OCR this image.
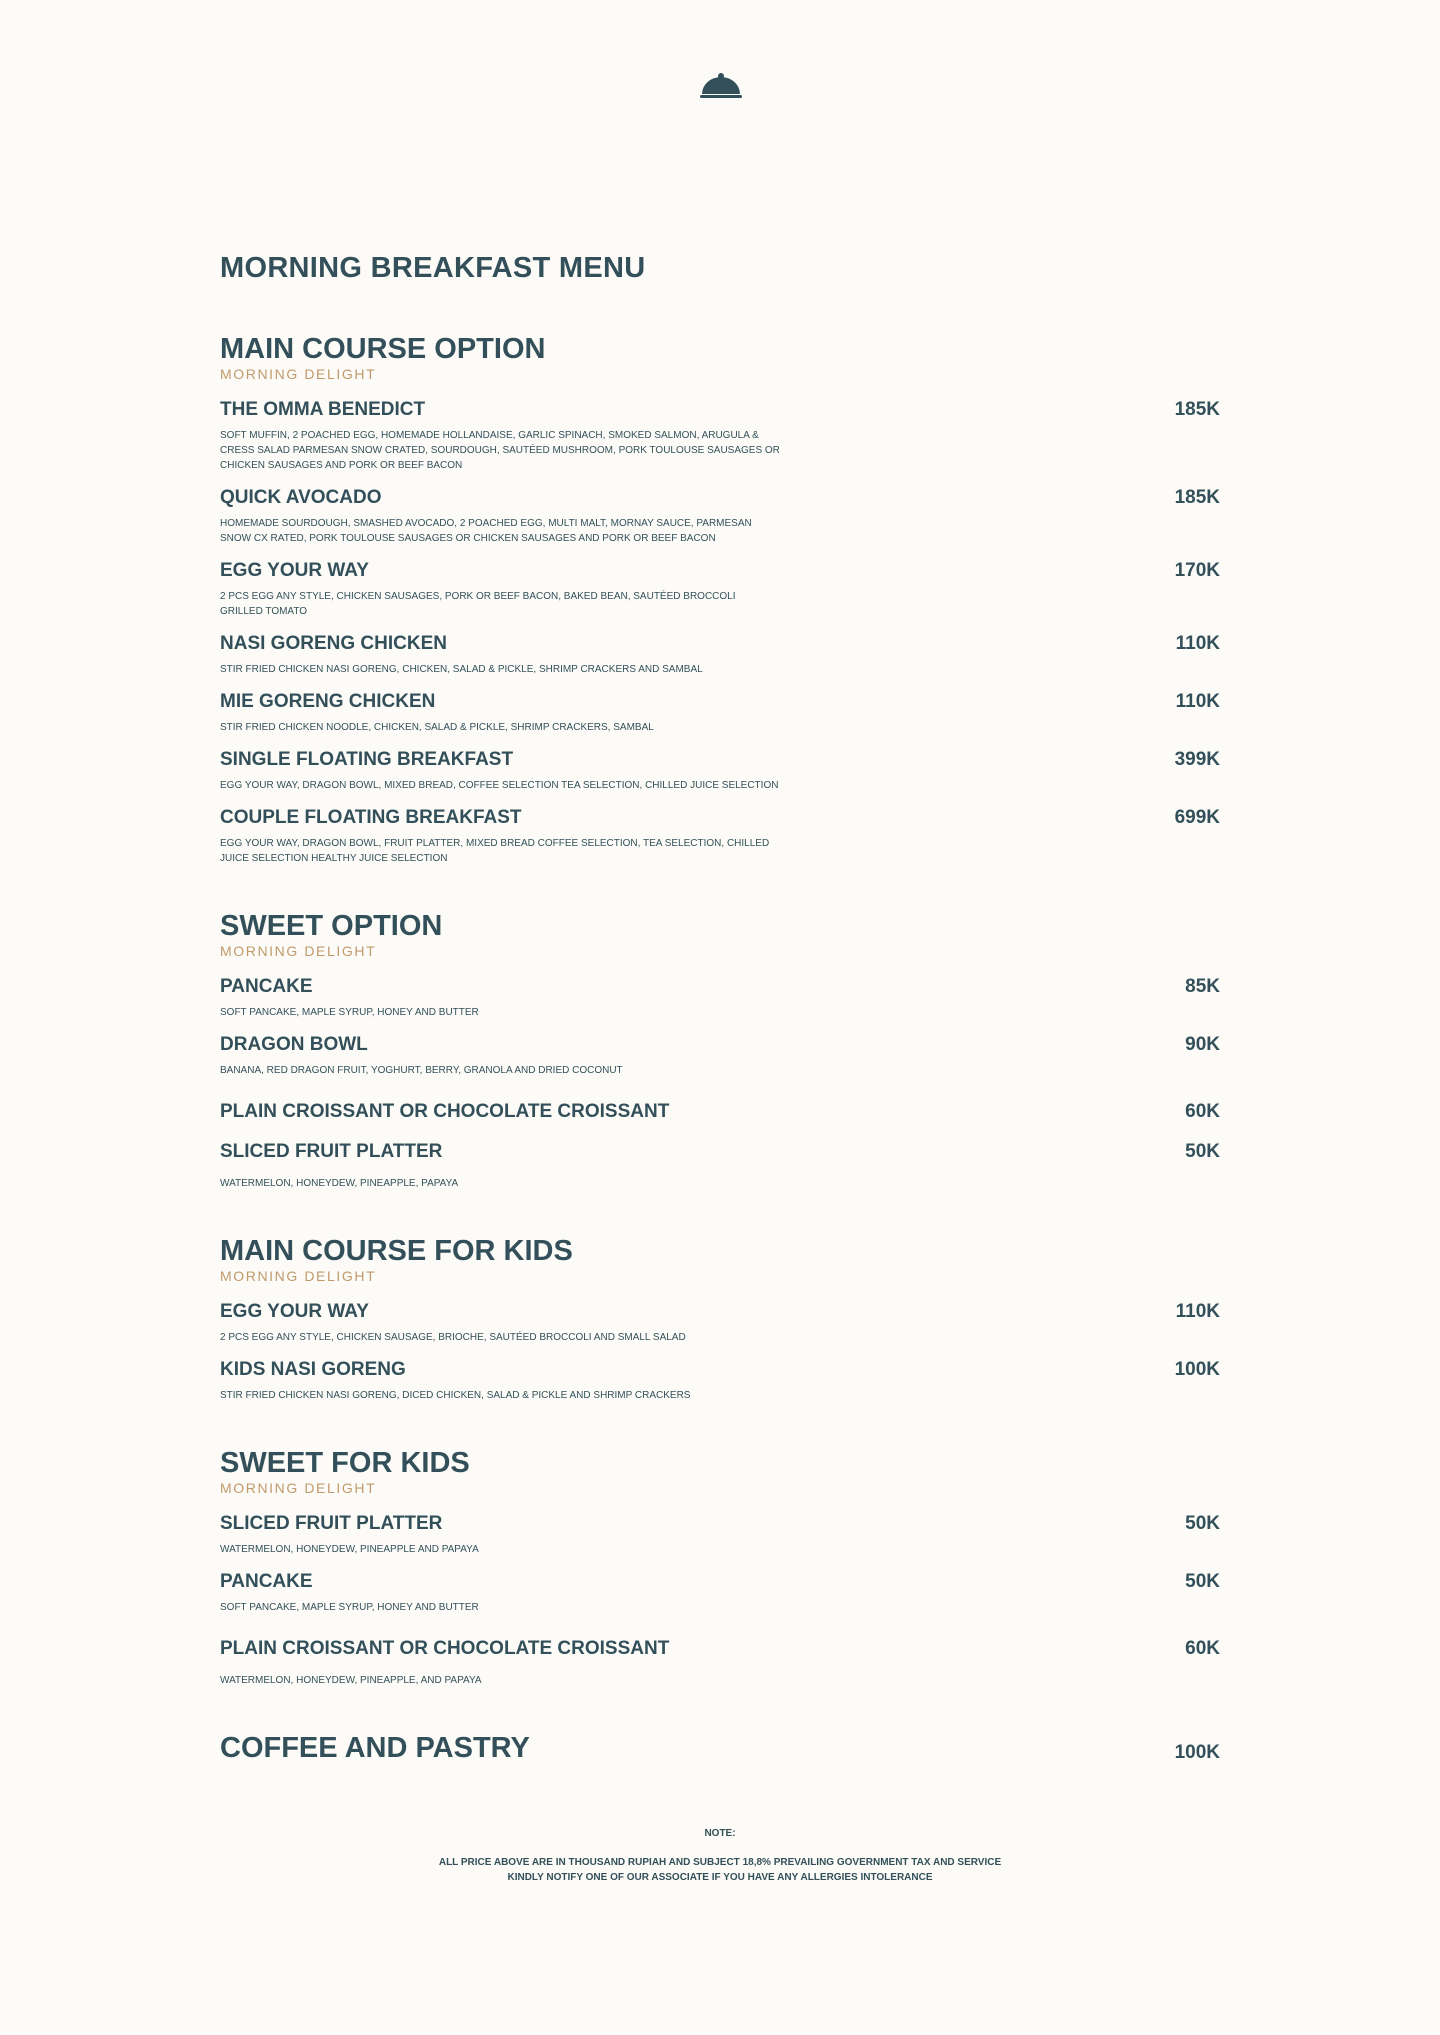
MORNING BREAKFAST MENU
MAIN COURSE OPTION
MORNING DELIGHT
THE OMMA BENEDICT	185K
SOFT MUFFIN, 2 POACHED EGG, HOMEMADE HOLLANDAISE, GARLIC SPINACH, SMOKED SALMON, ARUGULA & CRESS SALAD PARMESAN SNOW CRATED, SOURDOUGH, SAUTÉED MUSHROOM, PORK TOULOUSE SAUSAGES OR CHICKEN SAUSAGES AND PORK OR BEEF BACON
QUICK AVOCADO	185K
HOMEMADE SOURDOUGH, SMASHED AVOCADO, 2 POACHED EGG, MULTI MALT, MORNAY SAUCE, PARMESAN SNOW CX RATED, PORK TOULOUSE SAUSAGES OR CHICKEN SAUSAGES AND PORK OR BEEF BACON
EGG YOUR WAY	170K
2 PCS EGG ANY STYLE, CHICKEN SAUSAGES, PORK OR BEEF BACON, BAKED BEAN, SAUTÉED BROCCOLI GRILLED TOMATO
NASI GORENG CHICKEN	110K
STIR FRIED CHICKEN NASI GORENG, CHICKEN, SALAD & PICKLE, SHRIMP CRACKERS AND SAMBAL
MIE GORENG CHICKEN	110K
STIR FRIED CHICKEN NOODLE, CHICKEN, SALAD & PICKLE, SHRIMP CRACKERS, SAMBAL
SINGLE FLOATING BREAKFAST	399K
EGG YOUR WAY, DRAGON BOWL, MIXED BREAD, COFFEE SELECTION TEA SELECTION, CHILLED JUICE SELECTION
COUPLE FLOATING BREAKFAST	699K
EGG YOUR WAY, DRAGON BOWL, FRUIT PLATTER, MIXED BREAD COFFEE SELECTION, TEA SELECTION, CHILLED JUICE SELECTION HEALTHY JUICE SELECTION
SWEET OPTION
MORNING DELIGHT
PANCAKE	85K
SOFT PANCAKE, MAPLE SYRUP, HONEY AND BUTTER
DRAGON BOWL	90K
BANANA, RED DRAGON FRUIT, YOGHURT, BERRY, GRANOLA AND DRIED COCONUT
PLAIN CROISSANT OR CHOCOLATE CROISSANT	60K
SLICED FRUIT PLATTER	50K
WATERMELON, HONEYDEW, PINEAPPLE, PAPAYA
MAIN COURSE FOR KIDS
MORNING DELIGHT
EGG YOUR WAY	110K
2 PCS EGG ANY STYLE, CHICKEN SAUSAGE, BRIOCHE, SAUTÉED BROCCOLI AND SMALL SALAD
KIDS NASI GORENG	100K
STIR FRIED CHICKEN NASI GORENG, DICED CHICKEN, SALAD & PICKLE AND SHRIMP CRACKERS
SWEET FOR KIDS
MORNING DELIGHT
SLICED FRUIT PLATTER	50K
WATERMELON, HONEYDEW, PINEAPPLE AND PAPAYA
PANCAKE	50K
SOFT PANCAKE, MAPLE SYRUP, HONEY AND BUTTER
PLAIN CROISSANT OR CHOCOLATE CROISSANT	60K
WATERMELON, HONEYDEW, PINEAPPLE, AND PAPAYA
COFFEE AND PASTRY	100K
NOTE:
ALL PRICE ABOVE ARE IN THOUSAND RUPIAH AND SUBJECT 18,8% PREVAILING GOVERNMENT TAX AND SERVICE
KINDLY NOTIFY ONE OF OUR ASSOCIATE IF YOU HAVE ANY ALLERGIES INTOLERANCE
